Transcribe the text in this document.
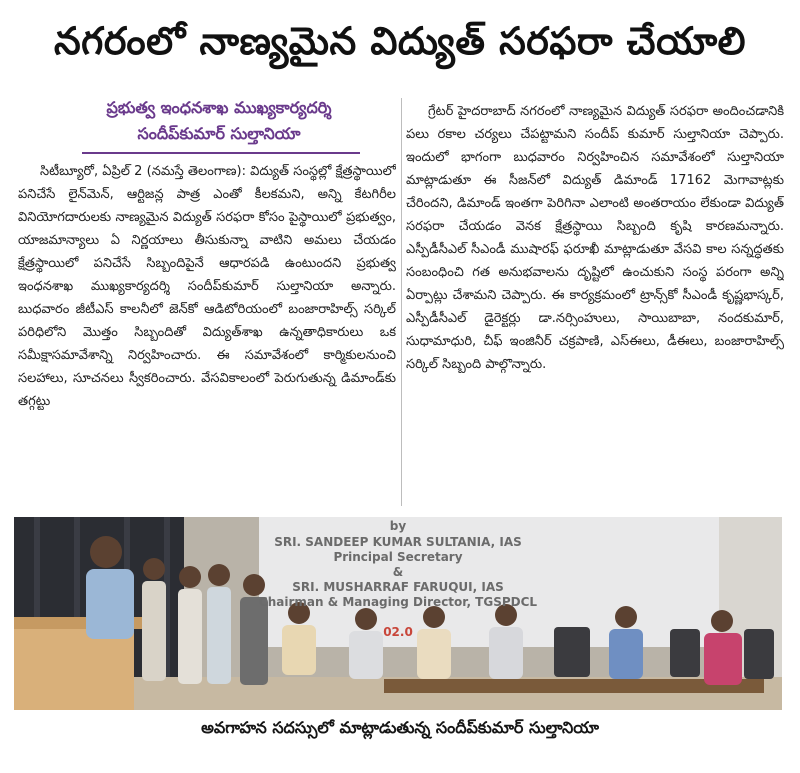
నగరంలో నాణ్యమైన విద్యుత్ సరఫరా చేయాలి
ప్రభుత్వ ఇంధనశాఖ ముఖ్యకార్యదర్శి
సందీప్‌కుమార్ సుల్తానియా

సిటీబ్యూరో, ఏప్రిల్ 2 (నమస్తే తెలంగాణ): విద్యుత్ సంస్థల్లో క్షేత్రస్థాయిలో పనిచేసే లైన్‌మెన్, ఆర్టిజన్ల పాత్ర ఎంతో కీలకమని, అన్ని కేటగిరీల వినియోగదారులకు నాణ్యమైన విద్యుత్ సరఫరా కోసం పైస్థాయిలో ప్రభుత్వం, యాజమాన్యాలు ఏ నిర్ణయాలు తీసుకున్నా వాటిని అమలు చేయడం క్షేత్రస్థాయిలో పనిచేసే సిబ్బందిపైనే ఆధారపడి ఉంటుందని ప్రభుత్వ ఇంధనశాఖ ముఖ్యకార్యదర్శి సందీప్‌కుమార్ సుల్తానియా అన్నారు. బుధవారం జీటీఎస్ కాలనీలో జెన్‌కో ఆడిటోరియంలో బంజారాహిల్స్ సర్కిల్ పరిధిలోని మొత్తం సిబ్బందితో విద్యుత్‌శాఖ ఉన్నతాధికారులు ఒక సమీక్షాసమావేశాన్ని నిర్వహించారు. ఈ సమావేశంలో కార్మికులనుంచి సలహాలు, సూచనలు స్వీకరించారు. వేసవికాలంలో పెరుగుతున్న డిమాండ్‌కు తగ్గట్టు

గ్రేటర్ హైదరాబాద్ నగరంలో నాణ్యమైన విద్యుత్ సరఫరా అందించడానికి పలు రకాల చర్యలు చేపట్టామని సందీప్ కుమార్ సుల్తానియా చెప్పారు. ఇందులో భాగంగా బుధవారం నిర్వహించిన సమావేశంలో సుల్తానియా మాట్లాడుతూ ఈ సీజన్‌లో విద్యుత్ డిమాండ్ 17162 మెగావాట్లకు చేరిందని, డిమాండ్ ఇంతగా పెరిగినా ఎలాంటి అంతరాయం లేకుండా విద్యుత్ సరఫరా చేయడం వెనక క్షేత్రస్థాయి సిబ్బంది కృషి కారణమన్నారు. ఎస్పీడీసీఎల్ సీఎండీ ముషారఫ్ ఫరూఖీ మాట్లాడుతూ వేసవి కాల సన్నద్ధతకు సంబంధించి గత అనుభవాలను దృష్టిలో ఉంచుకుని సంస్థ పరంగా అన్ని ఏర్పాట్లు చేశామని చెప్పారు. ఈ కార్యక్రమంలో ట్రాన్స్‌కో సీఎండీ కృష్ణభాస్కర్, ఎస్పీడీసీఎల్ డైరెక్టర్లు డా.నర్సింహులు, సాయిబాబా, నందకుమార్, సుధామాధురి, చీఫ్ ఇంజినీర్ చక్రపాణి, ఎస్‌ఈలు, డీఈలు, బంజారాహిల్స్ సర్కిల్ సిబ్బంది పాల్గొన్నారు.

by
SRI. SANDEEP KUMAR SULTANIA, IAS
Principal Secretary
&
SRI. MUSHARRAF FARUQUI, IAS
Chairman & Managing Director, TGSPDCL
02.0
అవగాహన సదస్సులో మాట్లాడుతున్న సందీప్‌కుమార్ సుల్తానియా
